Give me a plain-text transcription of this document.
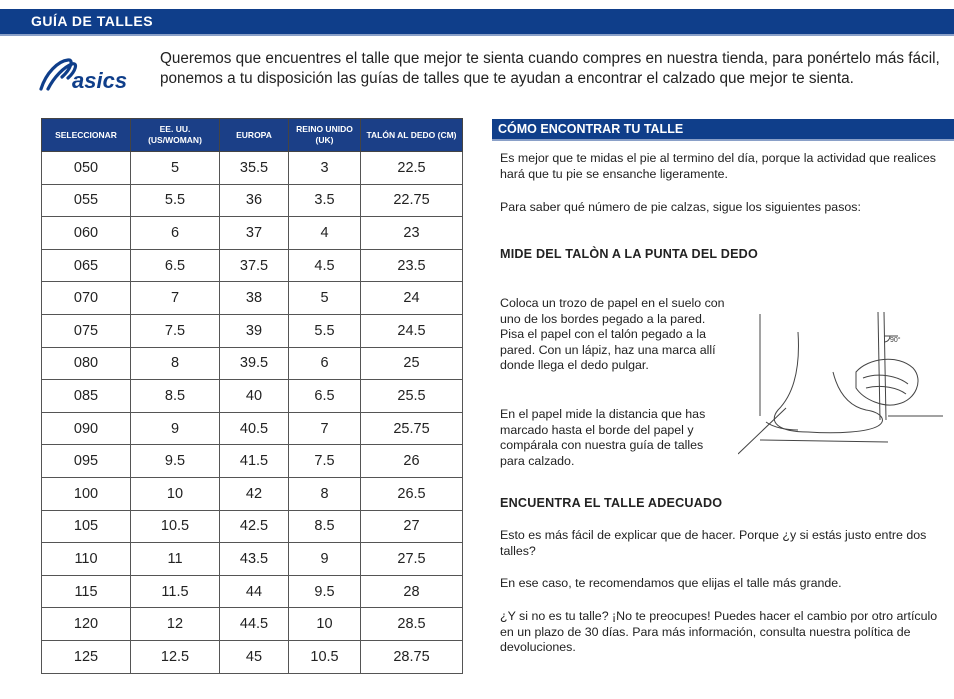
GUÍA DE TALLES
asics
Queremos que encuentres el talle que mejor te sienta cuando compres en nuestra tienda, para ponértelo más fácil, ponemos a tu disposición las guías de talles que te ayudan a encontrar el calzado que mejor te sienta.
SELECCIONAR	EE. UU. (US/WOMAN)	EUROPA	REINO UNIDO (UK)	TALÓN AL DEDO (CM)
050	5	35.5	3	22.5
055	5.5	36	3.5	22.75
060	6	37	4	23
065	6.5	37.5	4.5	23.5
070	7	38	5	24
075	7.5	39	5.5	24.5
080	8	39.5	6	25
085	8.5	40	6.5	25.5
090	9	40.5	7	25.75
095	9.5	41.5	7.5	26
100	10	42	8	26.5
105	10.5	42.5	8.5	27
110	11	43.5	9	27.5
115	11.5	44	9.5	28
120	12	44.5	10	28.5
125	12.5	45	10.5	28.75
CÓMO ENCONTRAR TU TALLE
Es mejor que te midas el pie al termino del día, porque la actividad que realices hará que tu pie se ensanche ligeramente.
Para saber qué número de pie calzas, sigue los siguientes pasos:
MIDE DEL TALÒN A LA PUNTA DEL DEDO
Coloca un trozo de papel en el suelo con uno de los bordes pegado a la pared. Pisa el papel con el talón pegado a la pared. Con un lápiz, haz una marca allí donde llega el dedo pulgar.
En el papel mide la distancia que has marcado hasta el borde del papel y compárala con nuestra guía de talles para calzado.
90°
ENCUENTRA EL TALLE ADECUADO
Esto es más fácil de explicar que de hacer. Porque ¿y si estás justo entre dos talles?
En ese caso, te recomendamos que elijas el talle más grande.
¿Y si no es tu talle? ¡No te preocupes! Puedes hacer el cambio por otro artículo en un plazo de 30 días. Para más información, consulta nuestra política de devoluciones.
